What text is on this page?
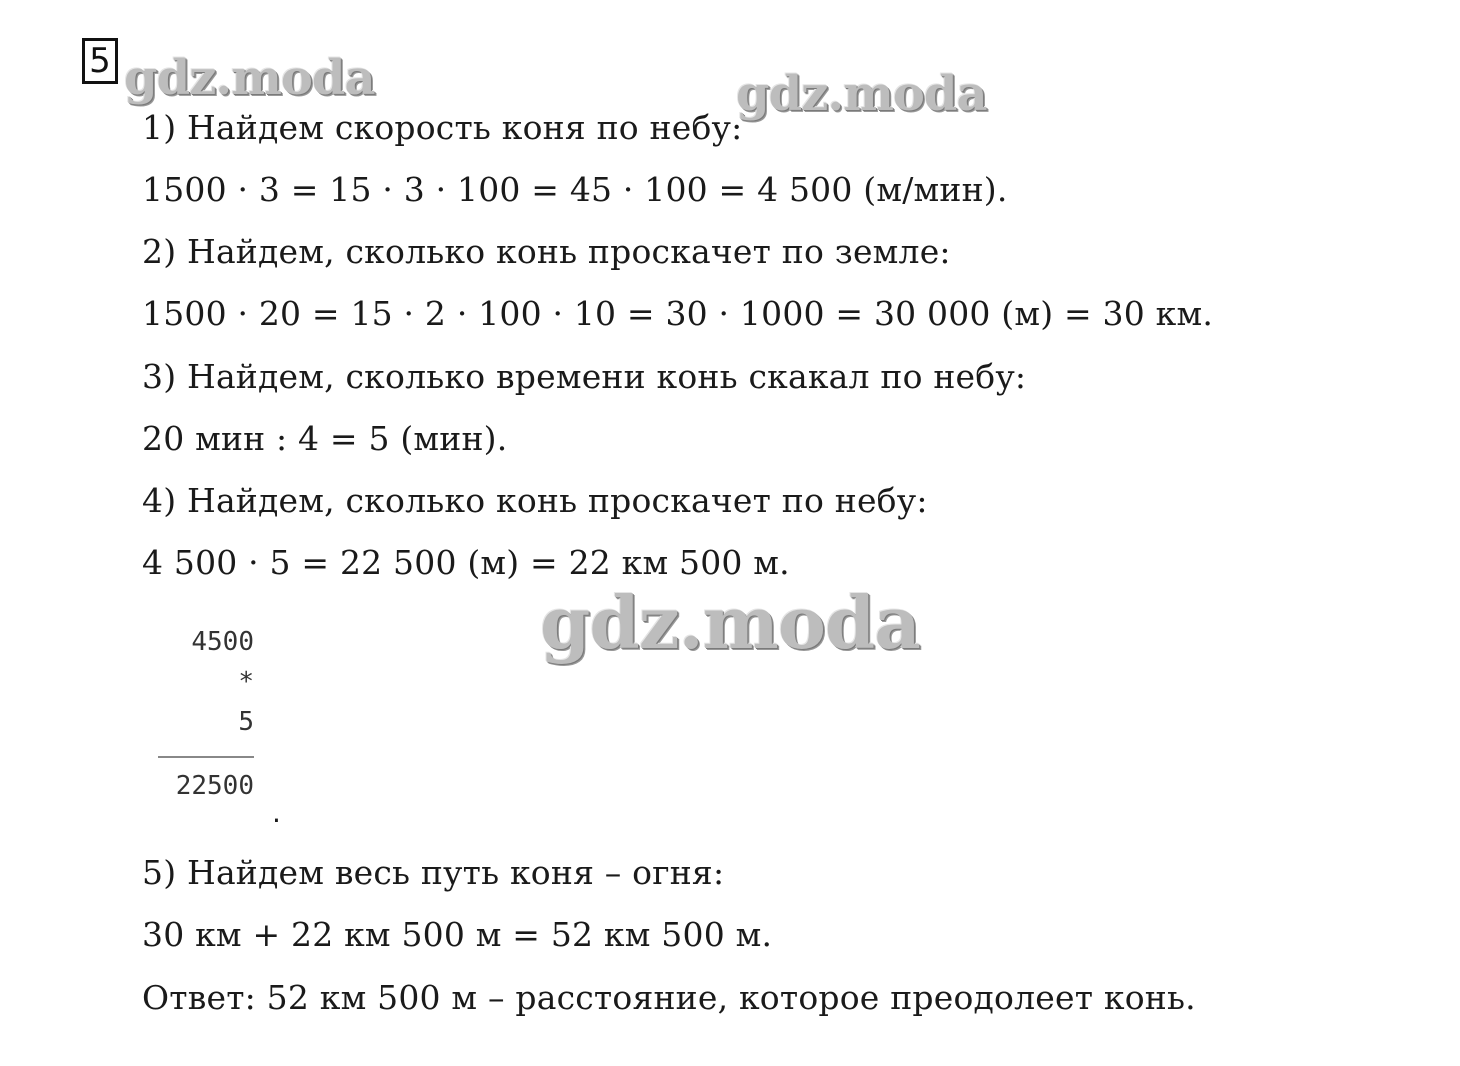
5 gdz.moda	gdz.moda
gdz.moda
1) Найдем скорость коня по небу:
1500 · 3 = 15 · 3 · 100 = 45 · 100 = 4 500 (м/мин).
2) Найдем, сколько конь проскачет по земле:
1500 · 20 = 15 · 2 · 100 · 10 = 30 · 1000 = 30 000 (м) = 30 км.
3) Найдем, сколько времени конь скакал по небу:
20 мин : 4 = 5 (мин).
4) Найдем, сколько конь проскачет по небу:
4 500 · 5 = 22 500 (м) = 22 км 500 м.
4500
*
5
22500
.
5) Найдем весь путь коня – огня:
30 км + 22 км 500 м = 52 км 500 м.
Ответ: 52 км 500 м – расстояние, которое преодолеет конь.
